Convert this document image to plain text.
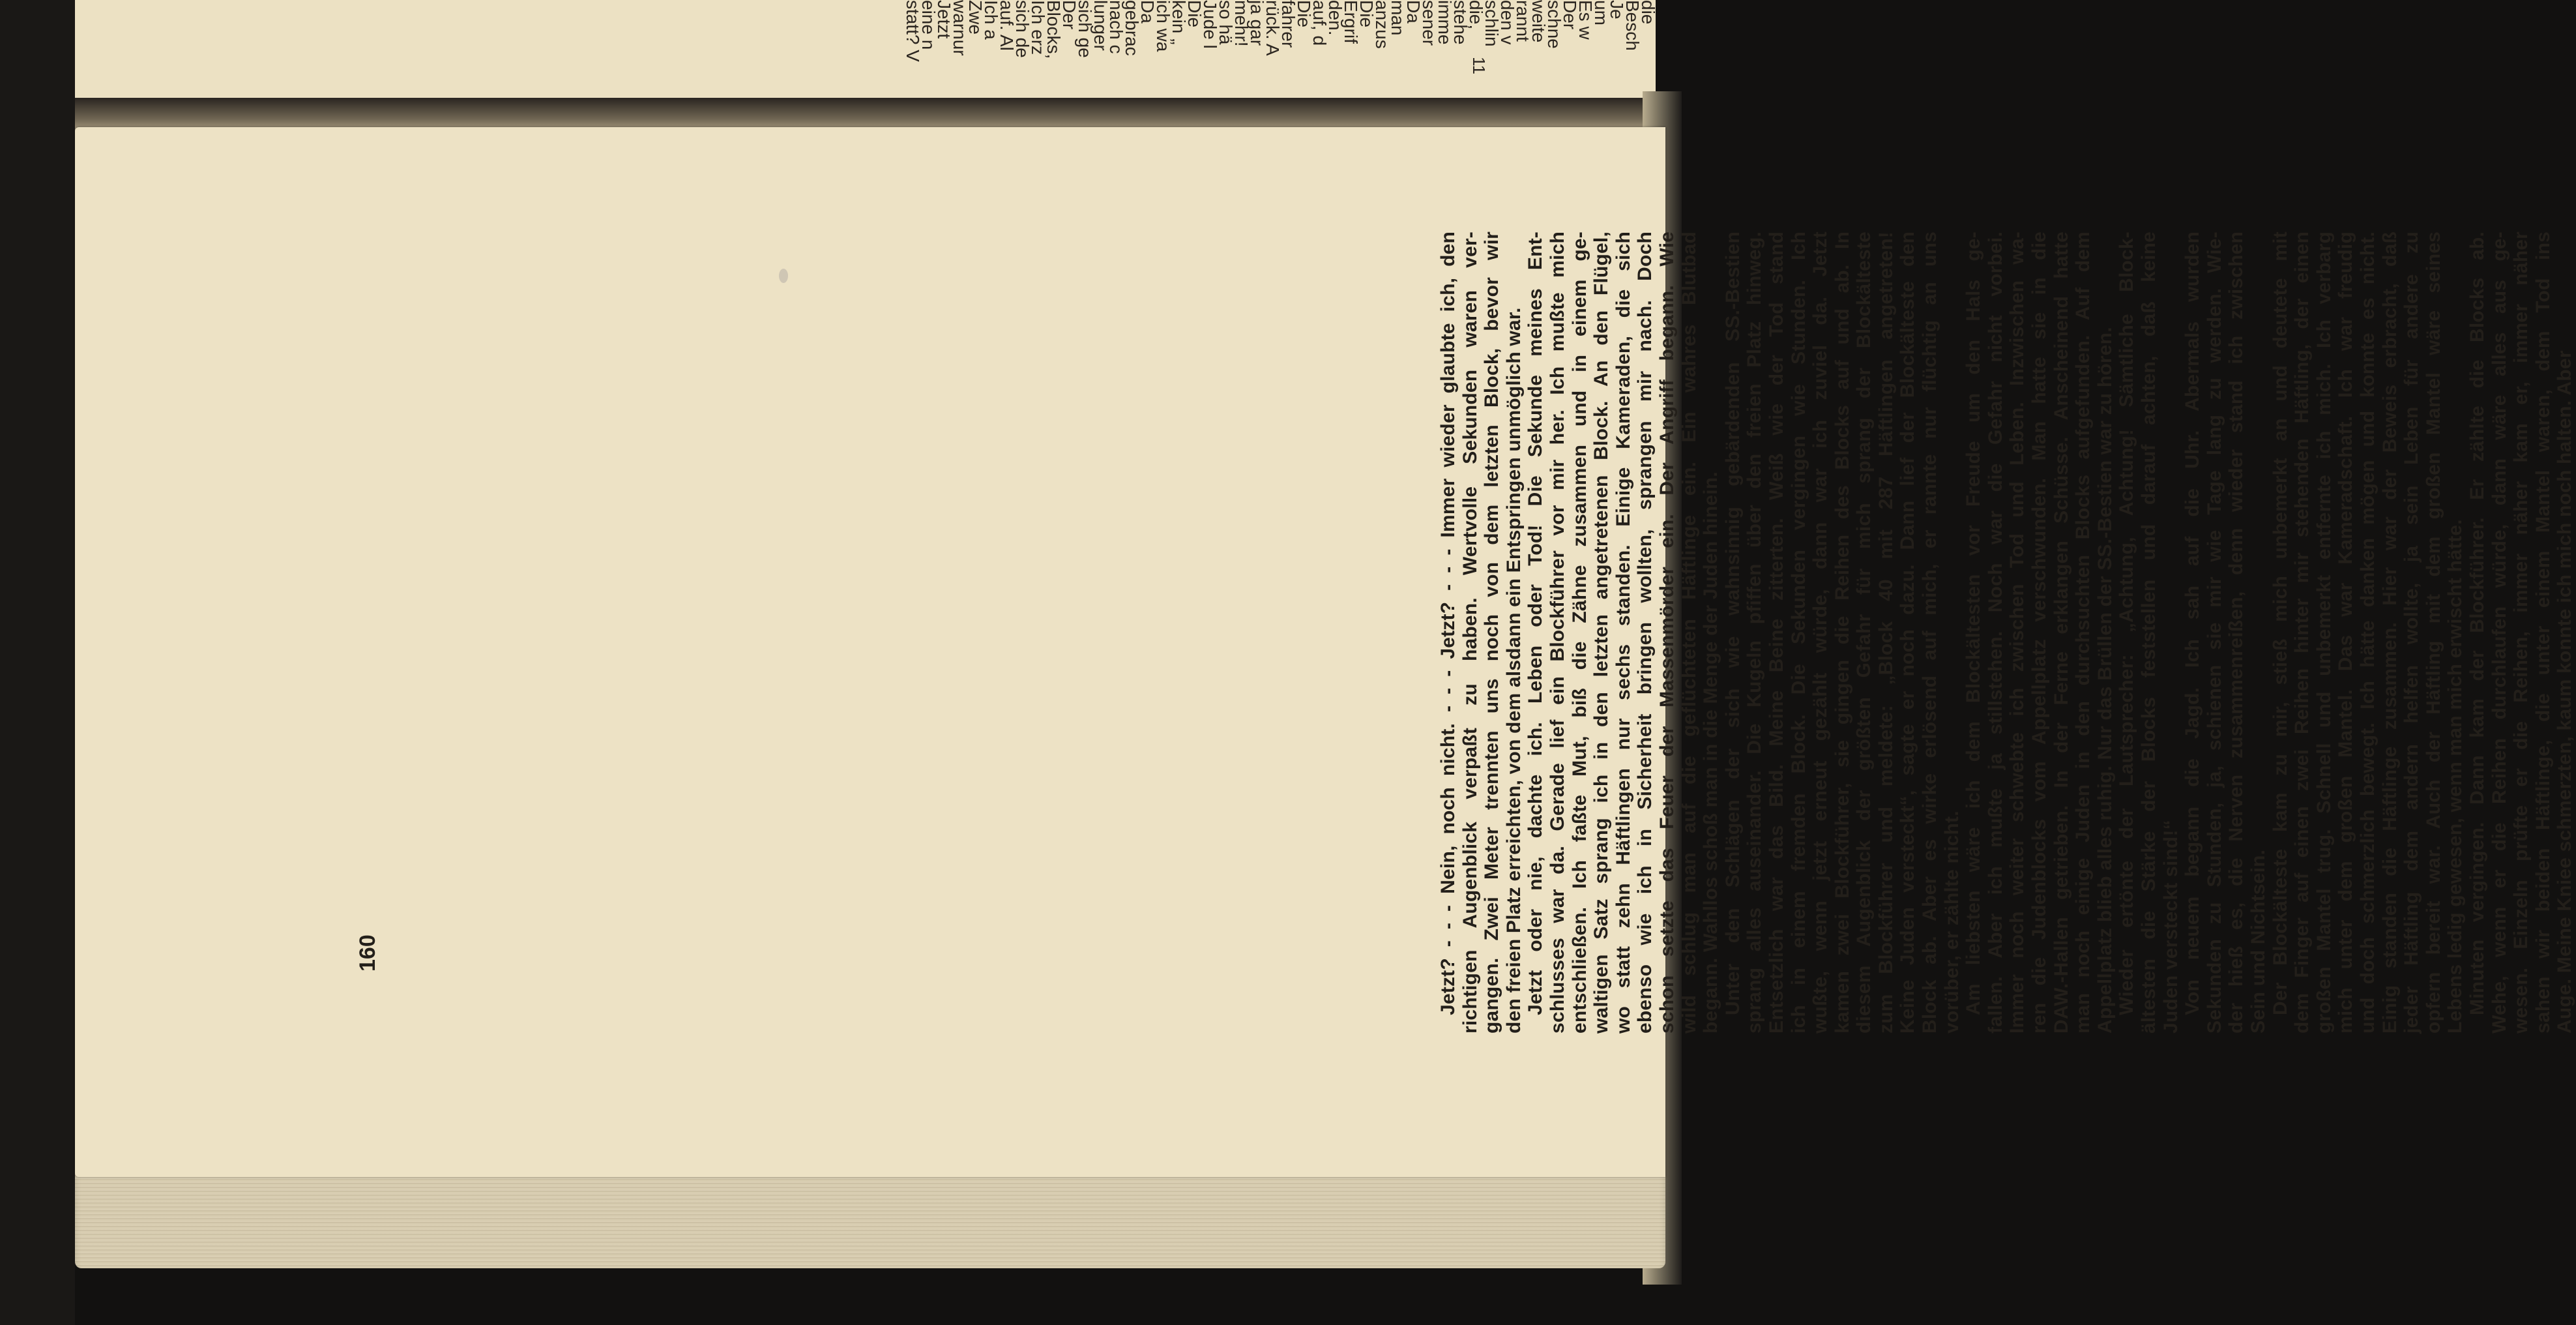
die
Besch
Je
um
Es w
Der
schne
weite
rannt
den v
schlin
die,
stehe
imme
sener
Da
man
anzus
Die
Ergrif
den.
auf, d
Die
fahrer
rück. A
ja gar
mehr!
so hä
Jude l
Die
kein „
ich wa
Da
gebrac
nach c
lunger
sich ge
Der
Blocks,
Ich erz
sich de
auf. Al
Ich a
Zwe
warnur
Jetzt
eine n
statt? V
Jetzt? - - - Nein, noch nicht. - - - Jetzt? - - - Immer wieder glaubte ich, den richtigen Augenblick verpaßt zu haben. Wertvolle Sekunden waren ver- gangen. Zwei Meter trennten uns noch von dem letzten Block, bevor wir den freien Platz erreichten, von dem alsdann ein Entspringen unmöglich war. Jetzt oder nie, dachte ich. Leben oder Tod! Die Sekunde meines Ent- schlusses war da. Gerade lief ein Blockführer vor mir her. Ich mußte mich entschließen. Ich faßte Mut, biß die Zähne zusammen und in einem ge- waltigen Satz sprang ich in den letzten angetretenen Block. An den Flügel, wo statt zehn Häftlingen nur sechs standen. Einige Kameraden, die sich ebenso wie ich in Sicherheit bringen wollten, sprangen mir nach. Doch schon setzte das Feuer der Massenmörder ein. Der Angriff begann. Wie wild schlug man auf die geflüchteten Häftlinge ein. Ein wahres Blutbad begann. Wahllos schoß man in die Menge der Juden hinein. Unter den Schlägen der sich wie wahnsinnig gebärdenden SS.-Bestien sprang alles auseinander. Die Kugeln pfiffen über den freien Platz hinweg. Entsetzlich war das Bild. Meine Beine zitterten. Weiß wie der Tod stand ich in einem fremden Block. Die Sekunden vergingen wie Stunden. Ich wußte, wenn jetzt erneut gezählt würde, dann war ich zuviel da. Jetzt kamen zwei Blockführer, sie gingen die Reihen des Blocks auf und ab. In diesem Augenblick der größten Gefahr für mich sprang der Blockälteste zum Blockführer und meldete: „Block 40 mit 287 Häftlingen angetreten! Keine Juden versteckt“, sagte er noch dazu. Dann lief der Blockälteste den Block ab. Aber es wirke erlösend auf mich, er rannte nur flüchtig an uns vorüber, er zählte nicht. Am liebsten wäre ich dem Blockältesten vor Freude um den Hals ge- fallen. Aber ich mußte ja stillstehen. Noch war die Gefahr nicht vorbei. Immer noch weiter schwebte ich zwischen Tod und Leben. Inzwischen wa- ren die Judenblocks vom Appellplatz verschwunden. Man hatte sie in die DAW.-Hallen getrieben. In der Ferne erklangen Schüsse. Anscheinend hatte man noch einige Juden in den durchsuchten Blocks aufgefunden. Auf dem Appellplatz blieb alles ruhig. Nur das Brüllen der SS.-Bestien war zu hören. Wieder ertönte der Lautsprecher: „Achtung, Achtung! Sämtliche Block- ältesten die Stärke der Blocks feststellen und darauf achten, daß keine Juden versteckt sind!“ Von neuem begann die Jagd. Ich sah auf die Uhr. Abermals wurden Sekunden zu Stunden, ja, schienen sie mir wie Tage lang zu werden. Wie- der hieß es, die Nerven zusammenreißen, denn wieder stand ich zwischen Sein und Nichtsein. Der Blockälteste kam zu mir, stieß mich unbemerkt an und deutete mit dem Finger auf einen zwei Reihen hinter mir stehenden Häftling, der einen großen Mantel trug. Schnell und unbemerkt entfernte ich mich. Ich verbarg mich unter dem großen Mantel. Das war Kameradschaft. Ich war freudig und doch schmerzlich bewegt. Ich hätte danken mögen und konnte es nicht. Einig standen die Häftlinge zusammen. Hier war der Beweis erbracht, daß jeder Häftling dem andern helfen wollte, ja sein Leben für andere zu opfern bereit war. Auch der Häftling mit dem großen Mantel wäre seines Lebens ledig gewesen, wenn man mich erwischt hätte. Minuten vergingen. Dann kam der Blockführer. Er zählte die Blocks ab. Wehe, wenn er die Reihen durchlaufen würde, dann wäre alles aus ge- wesen. Einzeln prüfte er die Reihen, immer näher kam er, immer näher sahen wir beiden Häftlinge, die unter einem Mantel waren, dem Tod ins Auge. Meine Kniee schmerzten, kaum konnte ich mich noch halten. Aber
160
11
